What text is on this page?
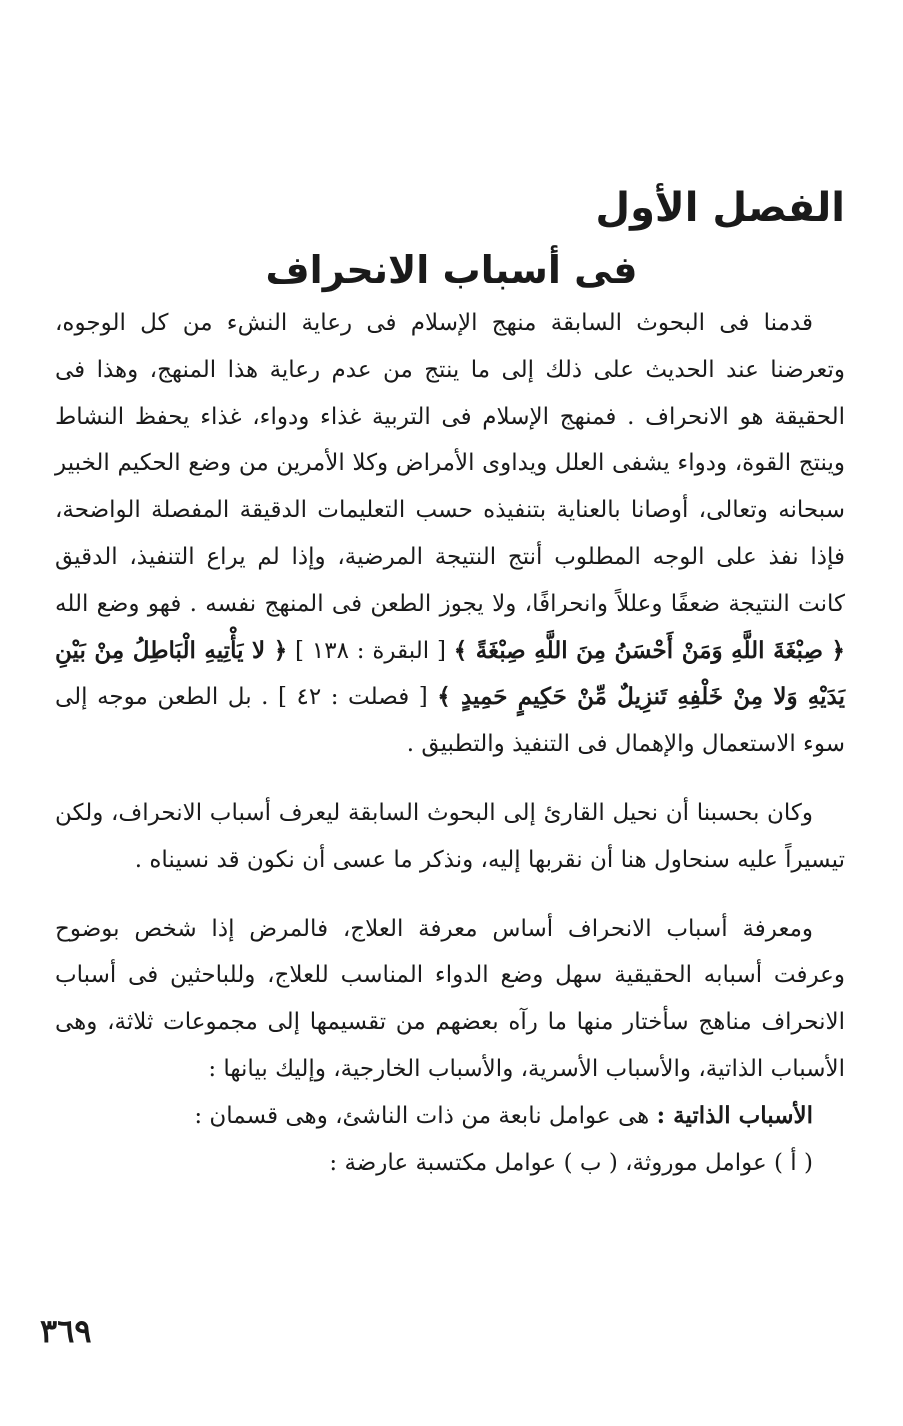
الفصل الأول
فى أسباب الانحراف

قدمنا فى البحوث السابقة منهج الإسلام فى رعاية النشء من كل الوجوه، وتعرضنا عند الحديث على ذلك إلى ما ينتج من عدم رعاية هذا المنهج، وهذا فى الحقيقة هو الانحراف . فمنهج الإسلام فى التربية غذاء ودواء، غذاء يحفظ النشاط وينتج القوة، ودواء يشفى العلل ويداوى الأمراض وكلا الأمرين من وضع الحكيم الخبير سبحانه وتعالى، أوصانا بالعناية بتنفيذه حسب التعليمات الدقيقة المفصلة الواضحة، فإذا نفذ على الوجه المطلوب أنتج النتيجة المرضية، وإذا لم يراع التنفيذ، الدقيق كانت النتيجة ضعفًا وعللاً وانحرافًا، ولا يجوز الطعن فى المنهج نفسه . فهو وضع الله ﴿ صِبْغَةَ اللَّهِ وَمَنْ أَحْسَنُ مِنَ اللَّهِ صِبْغَةً ﴾ [ البقرة : ١٣٨ ] ﴿ لا يَأْتِيهِ الْبَاطِلُ مِنْ بَيْنِ يَدَيْهِ وَلا مِنْ خَلْفِهِ تَنزِيلٌ مِّنْ حَكِيمٍ حَمِيدٍ ﴾ [ فصلت : ٤٢ ] . بل الطعن موجه إلى سوء الاستعمال والإهمال فى التنفيذ والتطبيق .

وكان بحسبنا أن نحيل القارئ إلى البحوث السابقة ليعرف أسباب الانحراف، ولكن تيسيراً عليه سنحاول هنا أن نقربها إليه، ونذكر ما عسى أن نكون قد نسيناه .

ومعرفة أسباب الانحراف أساس معرفة العلاج، فالمرض إذا شخص بوضوح وعرفت أسبابه الحقيقية سهل وضع الدواء المناسب للعلاج، وللباحثين فى أسباب الانحراف مناهج سأختار منها ما رآه بعضهم من تقسيمها إلى مجموعات ثلاثة، وهى الأسباب الذاتية، والأسباب الأسرية، والأسباب الخارجية، وإليك بيانها :

الأسباب الذاتية : هى عوامل نابعة من ذات الناشئ، وهى قسمان :

( أ ) عوامل موروثة، ( ب ) عوامل مكتسبة عارضة :

٣٦٩
